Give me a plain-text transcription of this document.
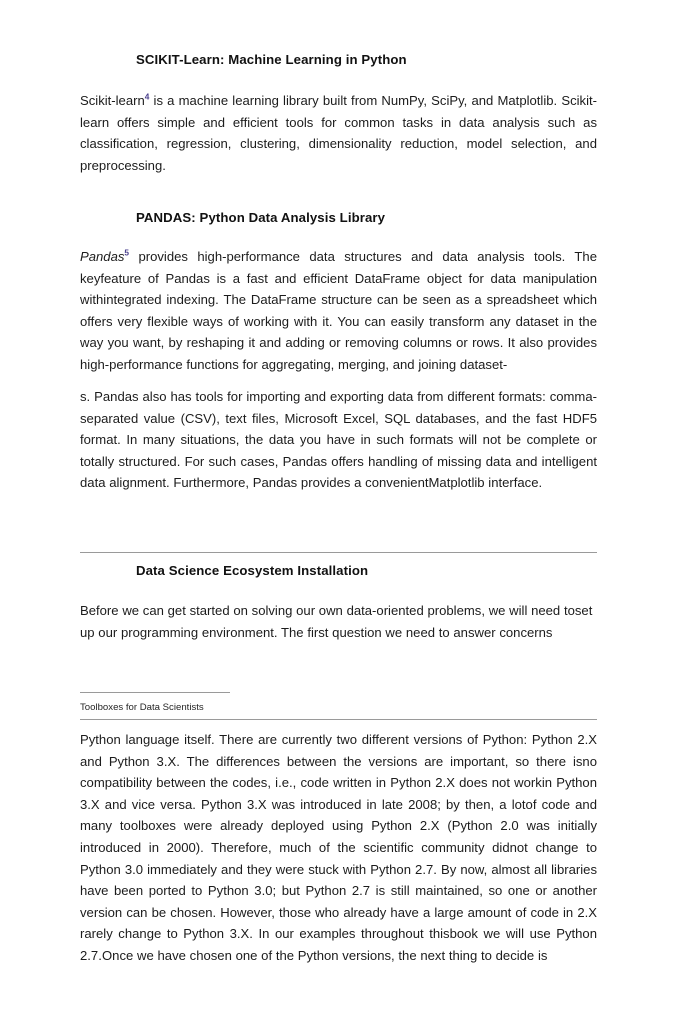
SCIKIT-Learn: Machine Learning in Python

Scikit-learn$^4$ is a machine learning library built from NumPy, SciPy, and Matplotlib. Scikit-learn offers simple and efficient tools for common tasks in data analysis such as classification, regression, clustering, dimensionality reduction, model selection, and preprocessing.

PANDAS: Python Data Analysis Library

Pandas$^5$ provides high-performance data structures and data analysis tools. The keyfeature of Pandas is a fast and efficient DataFrame object for data manipulation withintegrated indexing. The DataFrame structure can be seen as a spreadsheet which offers very flexible ways of working with it. You can easily transform any dataset in the way you want, by reshaping it and adding or removing columns or rows. It also provides high-performance functions for aggregating, merging, and joining dataset-

s. Pandas also has tools for importing and exporting data from different formats: comma-separated value (CSV), text files, Microsoft Excel, SQL databases, and the fast HDF5 format. In many situations, the data you have in such formats will not be complete or totally structured. For such cases, Pandas offers handling of missing data and intelligent data alignment. Furthermore, Pandas provides a convenientMatplotlib interface.

Data Science Ecosystem Installation

Before we can get started on solving our own data-oriented problems, we will need toset up our programming environment. The first question we need to answer concerns

Toolboxes for Data Scientists

Python language itself. There are currently two different versions of Python: Python 2.X and Python 3.X. The differences between the versions are important, so there isno compatibility between the codes, i.e., code written in Python 2.X does not workin Python 3.X and vice versa. Python 3.X was introduced in late 2008; by then, a lotof code and many toolboxes were already deployed using Python 2.X (Python 2.0 was initially introduced in 2000). Therefore, much of the scientific community didnot change to Python 3.0 immediately and they were stuck with Python 2.7. By now, almost all libraries have been ported to Python 3.0; but Python 2.7 is still maintained, so one or another version can be chosen. However, those who already have a large amount of code in 2.X rarely change to Python 3.X. In our examples throughout thisbook we will use Python 2.7. Once we have chosen one of the Python versions, the next thing to decide is
